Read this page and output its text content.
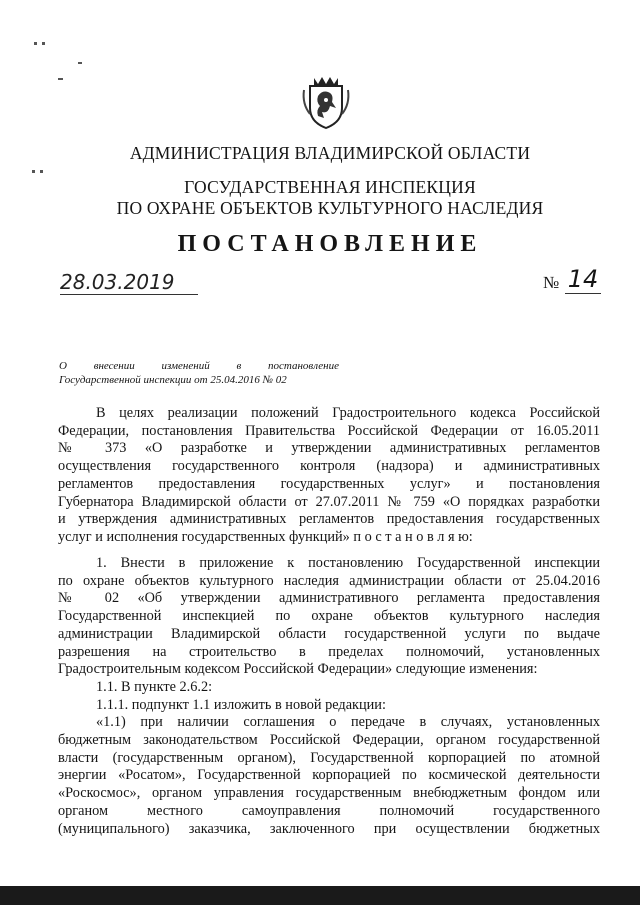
АДМИНИСТРАЦИЯ ВЛАДИМИРСКОЙ ОБЛАСТИ
ГОСУДАРСТВЕННАЯ ИНСПЕКЦИЯ
ПО ОХРАНЕ ОБЪЕКТОВ КУЛЬТУРНОГО НАСЛЕДИЯ
ПОСТАНОВЛЕНИЕ
28.03.2019	№ 14
О внесении изменений в постановление
Государственной инспекции от 25.04.2016 № 02
В целях реализации положений Градостроительного кодекса Российской
Федерации, постановления Правительства Российской Федерации от 16.05.2011
№ 373 «О разработке и утверждении административных регламентов
осуществления государственного контроля (надзора) и административных
регламентов предоставления государственных услуг» и постановления
Губернатора Владимирской области от 27.07.2011 № 759 «О порядках разработки
и утверждения административных регламентов предоставления государственных
услуг и исполнения государственных функций» п о с т а н о в л я ю:
1. Внести в приложение к постановлению Государственной инспекции
по охране объектов культурного наследия администрации области от 25.04.2016
№ 02 «Об утверждении административного регламента предоставления
Государственной инспекцией по охране объектов культурного наследия
администрации Владимирской области государственной услуги по выдаче
разрешения на строительство в пределах полномочий, установленных
Градостроительным кодексом Российской Федерации» следующие изменения:
1.1. В пункте 2.6.2:
1.1.1. подпункт 1.1 изложить в новой редакции:
«1.1) при наличии соглашения о передаче в случаях, установленных
бюджетным законодательством Российской Федерации, органом государственной
власти (государственным органом), Государственной корпорацией по атомной
энергии «Росатом», Государственной корпорацией по космической деятельности
«Роскосмос», органом управления государственным внебюджетным фондом или
органом местного самоуправления полномочий государственного
(муниципального) заказчика, заключенного при осуществлении бюджетных
